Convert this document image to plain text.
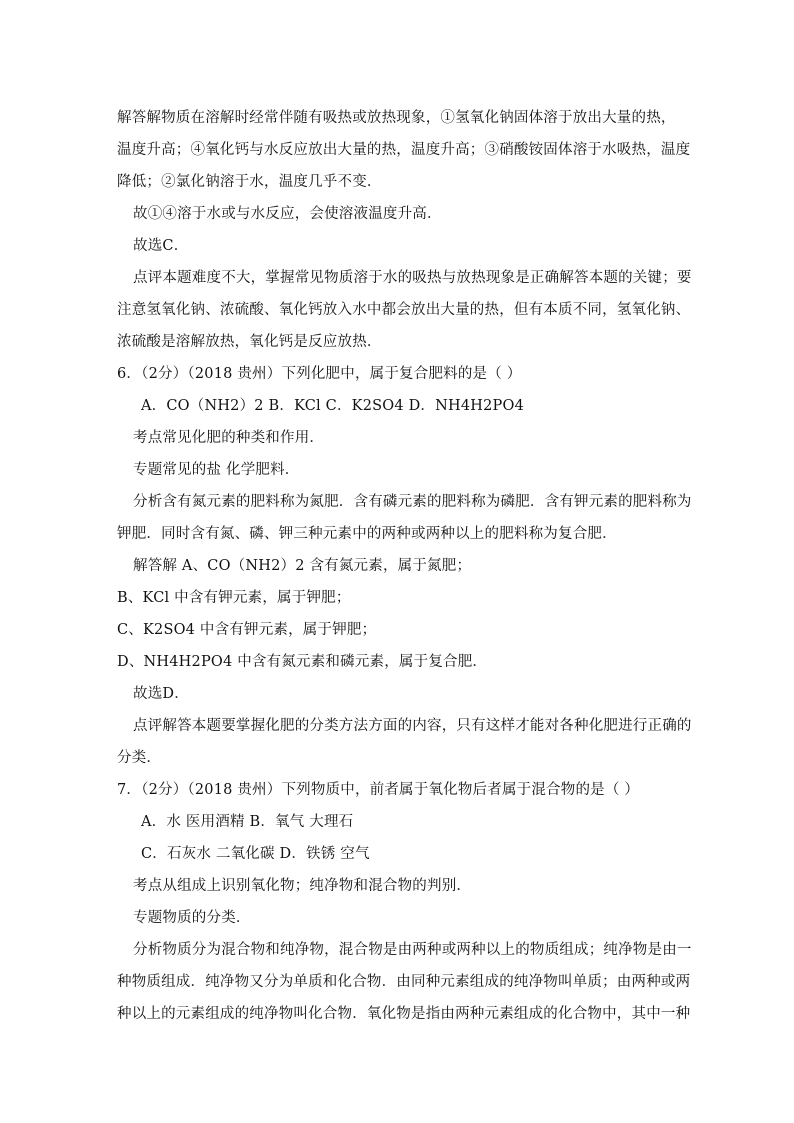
解答解物质在溶解时经常伴随有吸热或放热现象，①氢氧化钠固体溶于放出大量的热，
温度升高；④氧化钙与水反应放出大量的热，温度升高；③硝酸铵固体溶于水吸热，温度
降低；②氯化钠溶于水，温度几乎不变．
故①④溶于水或与水反应，会使溶液温度升高．
故选C．
点评本题难度不大，掌握常见物质溶于水的吸热与放热现象是正确解答本题的关键；要
注意氢氧化钠、浓硫酸、氧化钙放入水中都会放出大量的热，但有本质不同，氢氧化钠、
浓硫酸是溶解放热，氧化钙是反应放热．
6．（2分）（2018 贵州）下列化肥中，属于复合肥料的是（ ）
A．CO（NH2）2 B．KCl C．K2SO4 D．NH4H2PO4
考点常见化肥的种类和作用．
专题常见的盐 化学肥料．
分析含有氮元素的肥料称为氮肥．含有磷元素的肥料称为磷肥．含有钾元素的肥料称为
钾肥．同时含有氮、磷、钾三种元素中的两种或两种以上的肥料称为复合肥．
解答解 A、CO（NH2）2 含有氮元素，属于氮肥；
B、KCl 中含有钾元素，属于钾肥；
C、K2SO4 中含有钾元素，属于钾肥；
D、NH4H2PO4 中含有氮元素和磷元素，属于复合肥．
故选D．
点评解答本题要掌握化肥的分类方法方面的内容，只有这样才能对各种化肥进行正确的
分类．
7．（2分）（2018 贵州）下列物质中，前者属于氧化物后者属于混合物的是（ ）
A．水 医用酒精 B．氧气 大理石
C．石灰水 二氧化碳 D．铁锈 空气
考点从组成上识别氧化物；纯净物和混合物的判别．
专题物质的分类．
分析物质分为混合物和纯净物，混合物是由两种或两种以上的物质组成；纯净物是由一
种物质组成．纯净物又分为单质和化合物．由同种元素组成的纯净物叫单质；由两种或两
种以上的元素组成的纯净物叫化合物．氧化物是指由两种元素组成的化合物中，其中一种
